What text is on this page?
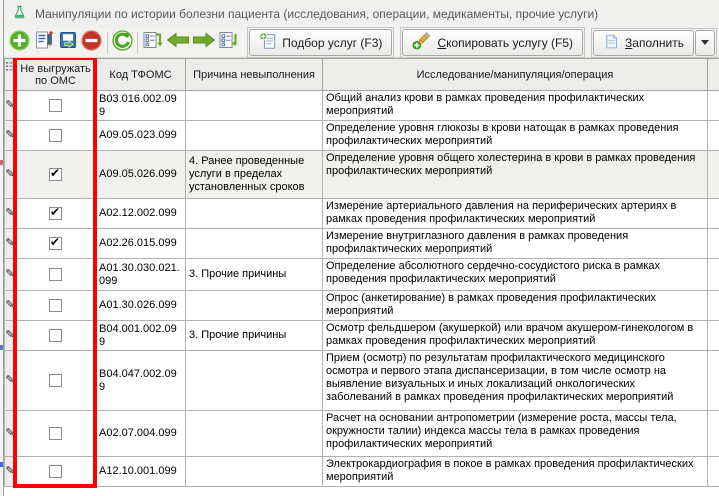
Манипуляции по истории болезни пациента (исследования, операции, медикаменты, прочие услуги)
Подбор услуг (F3)	Скопировать услугу (F5)	Заполнить
	Не выгружать по ОМС	Код ТФОМС	Причина невыполнения	Исследование/манипуляция/операция	
✎		B03.016.002.099		Общий анализ крови в рамках проведения профилактических мероприятий	
✎		A09.05.023.099		Определение уровня глюкозы в крови натощак в рамках проведения профилактических мероприятий	
✎	✔	A09.05.026.099	4. Ранее проведенные услуги в пределах установленных сроков	Определение уровня общего холестерина в крови в рамках проведения профилактических мероприятий	
✎	✔	A02.12.002.099		Измерение артериального давления на периферических артериях в рамках проведения профилактических мероприятий	
✎	✔	A02.26.015.099		Измерение внутриглазного давления в рамках проведения профилактических мероприятий	
✎		A01.30.030.021.099	3. Прочие причины	Определение абсолютного сердечно-сосудистого риска в рамках проведения профилактических мероприятий	
✎		A01.30.026.099		Опрос (анкетирование) в рамках проведения профилактических мероприятий	
✎		B04.001.002.099	3. Прочие причины	Осмотр фельдшером (акушеркой) или врачом акушером-гинекологом в рамках проведения профилактических мероприятий	
✎		B04.047.002.099		Прием (осмотр) по результатам профилактического медицинского осмотра и первого этапа диспансеризации, в том числе осмотр на выявление визуальных и иных локализаций онкологических заболеваний в рамках проведения профилактических мероприятий	
✎		A02.07.004.099		Расчет на основании антропометрии (измерение роста, массы тела, окружности талии) индекса массы тела в рамках проведения профилактических мероприятий	
✎		A12.10.001.099		Электрокардиография в покое в рамках проведения профилактических мероприятий	
